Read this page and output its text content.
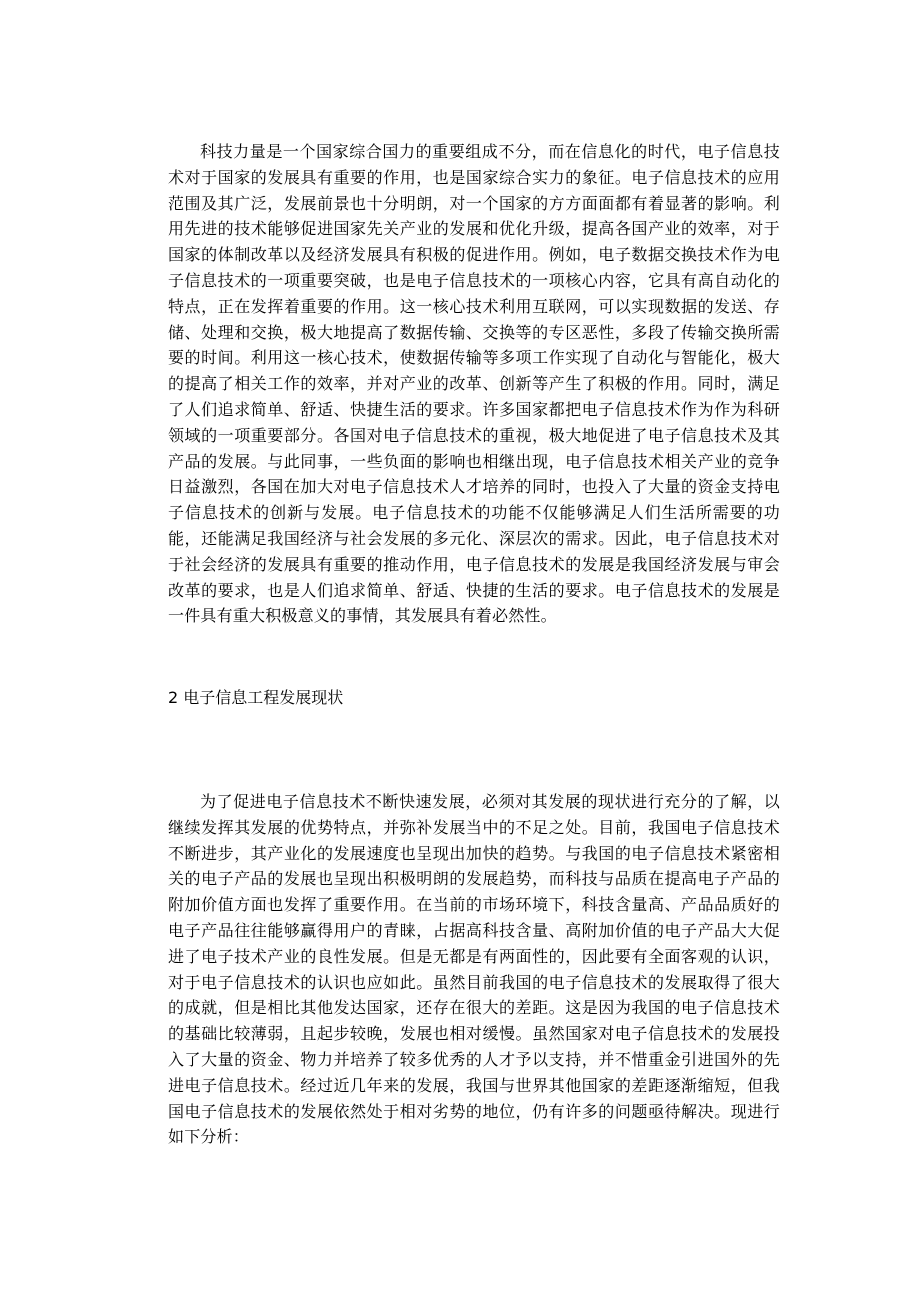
科技力量是一个国家综合国力的重要组成不分，而在信息化的时代，电子信息技术对于国家的发展具有重要的作用，也是国家综合实力的象征。电子信息技术的应用范围及其广泛，发展前景也十分明朗，对一个国家的方方面面都有着显著的影响。利用先进的技术能够促进国家先关产业的发展和优化升级，提高各国产业的效率，对于国家的体制改革以及经济发展具有积极的促进作用。例如，电子数据交换技术作为电子信息技术的一项重要突破，也是电子信息技术的一项核心内容，它具有高自动化的特点，正在发挥着重要的作用。这一核心技术利用互联网，可以实现数据的发送、存储、处理和交换，极大地提高了数据传输、交换等的专区恶性，多段了传输交换所需要的时间。利用这一核心技术，使数据传输等多项工作实现了自动化与智能化，极大的提高了相关工作的效率，并对产业的改革、创新等产生了积极的作用。同时，满足了人们追求简单、舒适、快捷生活的要求。许多国家都把电子信息技术作为作为科研领域的一项重要部分。各国对电子信息技术的重视，极大地促进了电子信息技术及其产品的发展。与此同事，一些负面的影响也相继出现，电子信息技术相关产业的竞争日益激烈，各国在加大对电子信息技术人才培养的同时，也投入了大量的资金支持电子信息技术的创新与发展。电子信息技术的功能不仅能够满足人们生活所需要的功能，还能满足我国经济与社会发展的多元化、深层次的需求。因此，电子信息技术对于社会经济的发展具有重要的推动作用，电子信息技术的发展是我国经济发展与审会改革的要求，也是人们追求简单、舒适、快捷的生活的要求。电子信息技术的发展是一件具有重大积极意义的事情，其发展具有着必然性。

2 电子信息工程发展现状

为了促进电子信息技术不断快速发展，必须对其发展的现状进行充分的了解，以继续发挥其发展的优势特点，并弥补发展当中的不足之处。目前，我国电子信息技术不断进步，其产业化的发展速度也呈现出加快的趋势。与我国的电子信息技术紧密相关的电子产品的发展也呈现出积极明朗的发展趋势，而科技与品质在提高电子产品的附加价值方面也发挥了重要作用。在当前的市场环境下，科技含量高、产品品质好的电子产品往往能够赢得用户的青睐，占据高科技含量、高附加价值的电子产品大大促进了电子技术产业的良性发展。但是无都是有两面性的，因此要有全面客观的认识，对于电子信息技术的认识也应如此。虽然目前我国的电子信息技术的发展取得了很大的成就，但是相比其他发达国家，还存在很大的差距。这是因为我国的电子信息技术的基础比较薄弱，且起步较晚，发展也相对缓慢。虽然国家对电子信息技术的发展投入了大量的资金、物力并培养了较多优秀的人才予以支持，并不惜重金引进国外的先进电子信息技术。经过近几年来的发展，我国与世界其他国家的差距逐渐缩短，但我国电子信息技术的发展依然处于相对劣势的地位，仍有许多的问题亟待解决。现进行如下分析：
